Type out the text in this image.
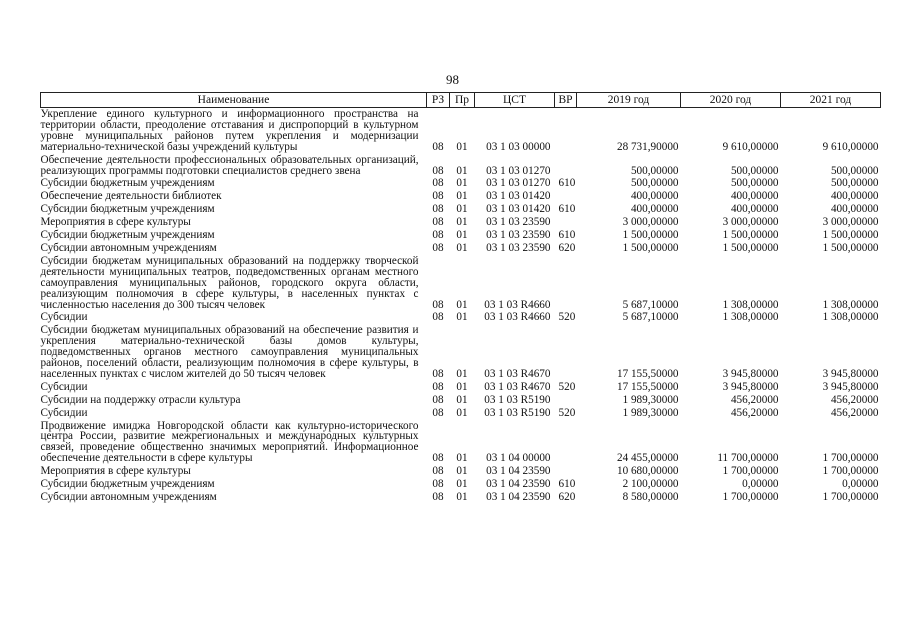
98
Наименование	РЗ	Пр	ЦСТ	ВР	2019 год	2020 год	2021 год
Укрепление единого культурного и информационного пространства на территории области, преодоление отставания и диспропорций в культурном уровне муниципальных районов путем укрепления и модернизации материально-технической базы учреждений культуры	08	01	03 1 03 00000		28 731,90000	9 610,00000	9 610,00000
Обеспечение деятельности профессиональных образовательных организаций, реализующих программы подготовки специалистов среднего звена	08	01	03 1 03 01270		500,00000	500,00000	500,00000
Субсидии бюджетным учреждениям	08	01	03 1 03 01270	610	500,00000	500,00000	500,00000
Обеспечение деятельности библиотек	08	01	03 1 03 01420		400,00000	400,00000	400,00000
Субсидии бюджетным учреждениям	08	01	03 1 03 01420	610	400,00000	400,00000	400,00000
Мероприятия в сфере культуры	08	01	03 1 03 23590		3 000,00000	3 000,00000	3 000,00000
Субсидии бюджетным учреждениям	08	01	03 1 03 23590	610	1 500,00000	1 500,00000	1 500,00000
Субсидии автономным учреждениям	08	01	03 1 03 23590	620	1 500,00000	1 500,00000	1 500,00000
Субсидии бюджетам муниципальных образований на поддержку творческой деятельности муниципальных театров, подведомственных органам местного самоуправления муниципальных районов, городского округа области, реализующим полномочия в сфере культуры, в населенных пунктах с численностью населения до 300 тысяч человек	08	01	03 1 03 R4660		5 687,10000	1 308,00000	1 308,00000
Субсидии	08	01	03 1 03 R4660	520	5 687,10000	1 308,00000	1 308,00000
Субсидии бюджетам муниципальных образований на обеспечение развития и укрепления материально-технической базы домов культуры, подведомственных органов местного самоуправления муниципальных районов, поселений области, реализующим полномочия в сфере культуры, в населенных пунктах с числом жителей до 50 тысяч человек	08	01	03 1 03 R4670		17 155,50000	3 945,80000	3 945,80000
Субсидии	08	01	03 1 03 R4670	520	17 155,50000	3 945,80000	3 945,80000
Субсидии на поддержку отрасли культура	08	01	03 1 03 R5190		1 989,30000	456,20000	456,20000
Субсидии	08	01	03 1 03 R5190	520	1 989,30000	456,20000	456,20000
Продвижение имиджа Новгородской области как культурно-исторического центра России, развитие межрегиональных и международных культурных связей, проведение общественно значимых мероприятий. Информационное обеспечение деятельности в сфере культуры	08	01	03 1 04 00000		24 455,00000	11 700,00000	1 700,00000
Мероприятия в сфере культуры	08	01	03 1 04 23590		10 680,00000	1 700,00000	1 700,00000
Субсидии бюджетным учреждениям	08	01	03 1 04 23590	610	2 100,00000	0,00000	0,00000
Субсидии автономным учреждениям	08	01	03 1 04 23590	620	8 580,00000	1 700,00000	1 700,00000
